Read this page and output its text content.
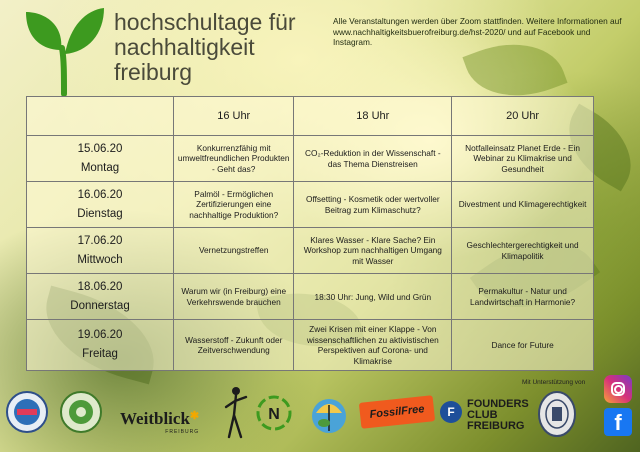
hochschultage für
nachhaltigkeit
freiburg
Alle Veranstaltungen werden über Zoom stattfinden. Weitere Informationen auf www.nachhaltigkeitsbuerofreiburg.de/hst-2020/ und auf Facebook und Instagram.
	16 Uhr	18 Uhr	20 Uhr

15.06.20
Montag	Konkurrenzfähig mit umweltfreundlichen Produkten - Geht das?	CO₂-Reduktion in der Wissenschaft - das Thema Dienstreisen	Notfalleinsatz Planet Erde - Ein Webinar zu Klimakrise und Gesundheit

16.06.20
Dienstag	Palmöl - Ermöglichen Zertifizierungen eine nachhaltige Produktion?	Offsetting - Kosmetik oder wertvoller Beitrag zum Klimaschutz?	Divestment und Klimagerechtigkeit

17.06.20
Mittwoch	Vernetzungstreffen	Klares Wasser - Klare Sache? Ein Workshop zum nachhaltigen Umgang mit Wasser	Geschlechtergerechtigkeit und Klimapolitik

18.06.20
Donnerstag	Warum wir (in Freiburg) eine Verkehrswende brauchen	18:30 Uhr: Jung, Wild und Grün	Permakultur - Natur und Landwirtschaft in Harmonie?

19.06.20
Freitag	Wasserstoff - Zukunft oder Zeitverschwendung	Zwei Krisen mit einer Klappe - Von wissenschaftlichen zu aktivistischen Perspektiven auf Corona- und Klimakrise	Dance for Future
Mit Unterstützung von
Weitblick✱
FREIBURG
N	FossilFree	F
FOUNDERS
CLUB
FREIBURG	f
